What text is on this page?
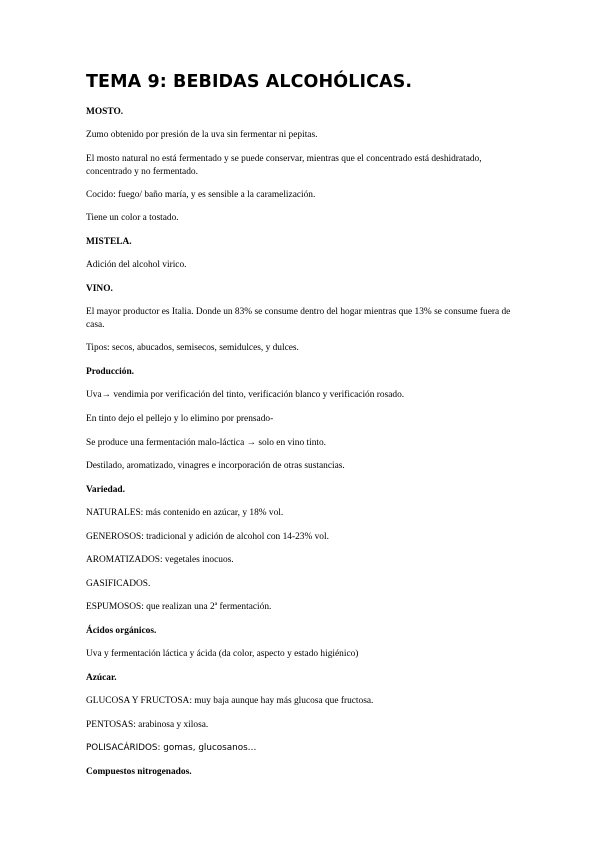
TEMA 9: BEBIDAS ALCOHÓLICAS.

MOSTO.

Zumo obtenido por presión de la uva sin fermentar ni pepitas.

El mosto natural no está fermentado y se puede conservar, mientras que el concentrado está deshidratado, concentrado y no fermentado.

Cocido: fuego/ baño maría, y es sensible a la caramelización.

Tiene un color a tostado.

MISTELA.

Adición del alcohol virico.

VINO.

El mayor productor es Italia. Donde un 83% se consume dentro del hogar mientras que 13% se consume fuera de casa.

Tipos: secos, abucados, semisecos, semidulces, y dulces.

Producción.

Uva→ vendimia por verificación del tinto, verificación blanco y verificación rosado.

En tinto dejo el pellejo y lo elimino por prensado-

Se produce una fermentación malo-láctica → solo en vino tinto.

Destilado, aromatizado, vinagres e incorporación de otras sustancias.

Variedad.

NATURALES: más contenido en azúcar, y 18% vol.

GENEROSOS: tradicional y adición de alcohol con 14-23% vol.

AROMATIZADOS: vegetales inocuos.

GASIFICADOS.

ESPUMOSOS: que realizan una 2ª fermentación.

Ácidos orgánicos.

Uva y fermentación láctica y ácida (da color, aspecto y estado higiénico)

Azúcar.

GLUCOSA Y FRUCTOSA: muy baja aunque hay más glucosa que fructosa.

PENTOSAS: arabinosa y xilosa.

POLISACÁRIDOS: gomas, glucosanos…

Compuestos nitrogenados.
